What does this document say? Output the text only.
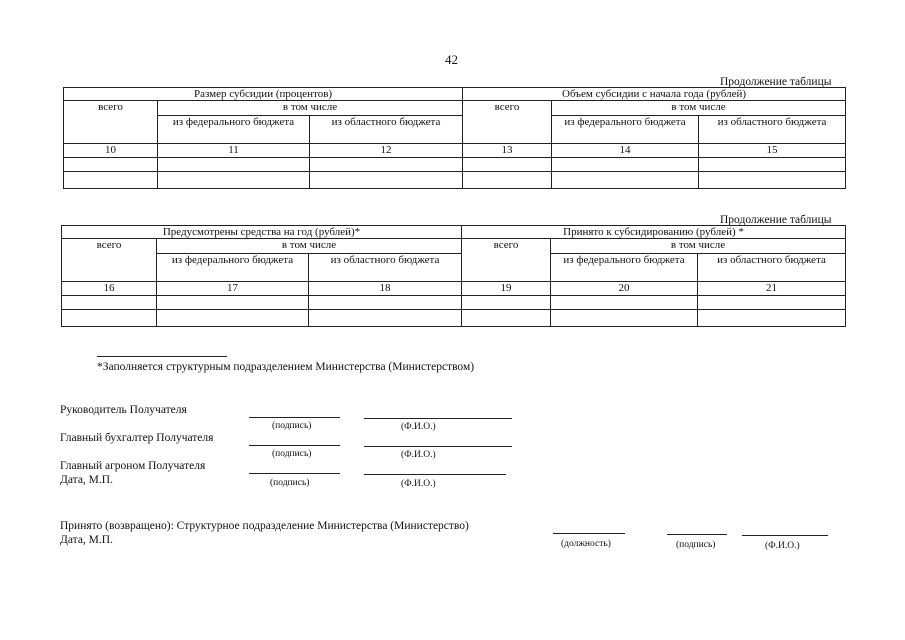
42
Продолжение таблицы
Размер субсидии (процентов)			Объем субсидии с начала года (рублей)		
всего	в том числе		всего	в том числе	
	из федерального бюджета	из областного бюджета		из федерального бюджета	из областного бюджета
10	11	12	13	14	15

Продолжение таблицы
Предусмотрены средства на год (рублей)*			Принято к субсидированию (рублей) *		
всего	в том числе		всего	в том числе	
	из федерального бюджета	из областного бюджета		из федерального бюджета	из областного бюджета
16	17	18	19	20	21

*Заполняется структурным подразделением Министерства (Министерством)
Руководитель Получателя
(подпись)	(Ф.И.О.)
Главный бухгалтер Получателя
(подпись)	(Ф.И.О.)
Главный агроном Получателя
Дата, М.П.	(подпись)	(Ф.И.О.)
Принято (возвращено): Структурное подразделение Министерства (Министерство)
Дата, М.П.	(должность)	(подпись)	(Ф.И.О.)
